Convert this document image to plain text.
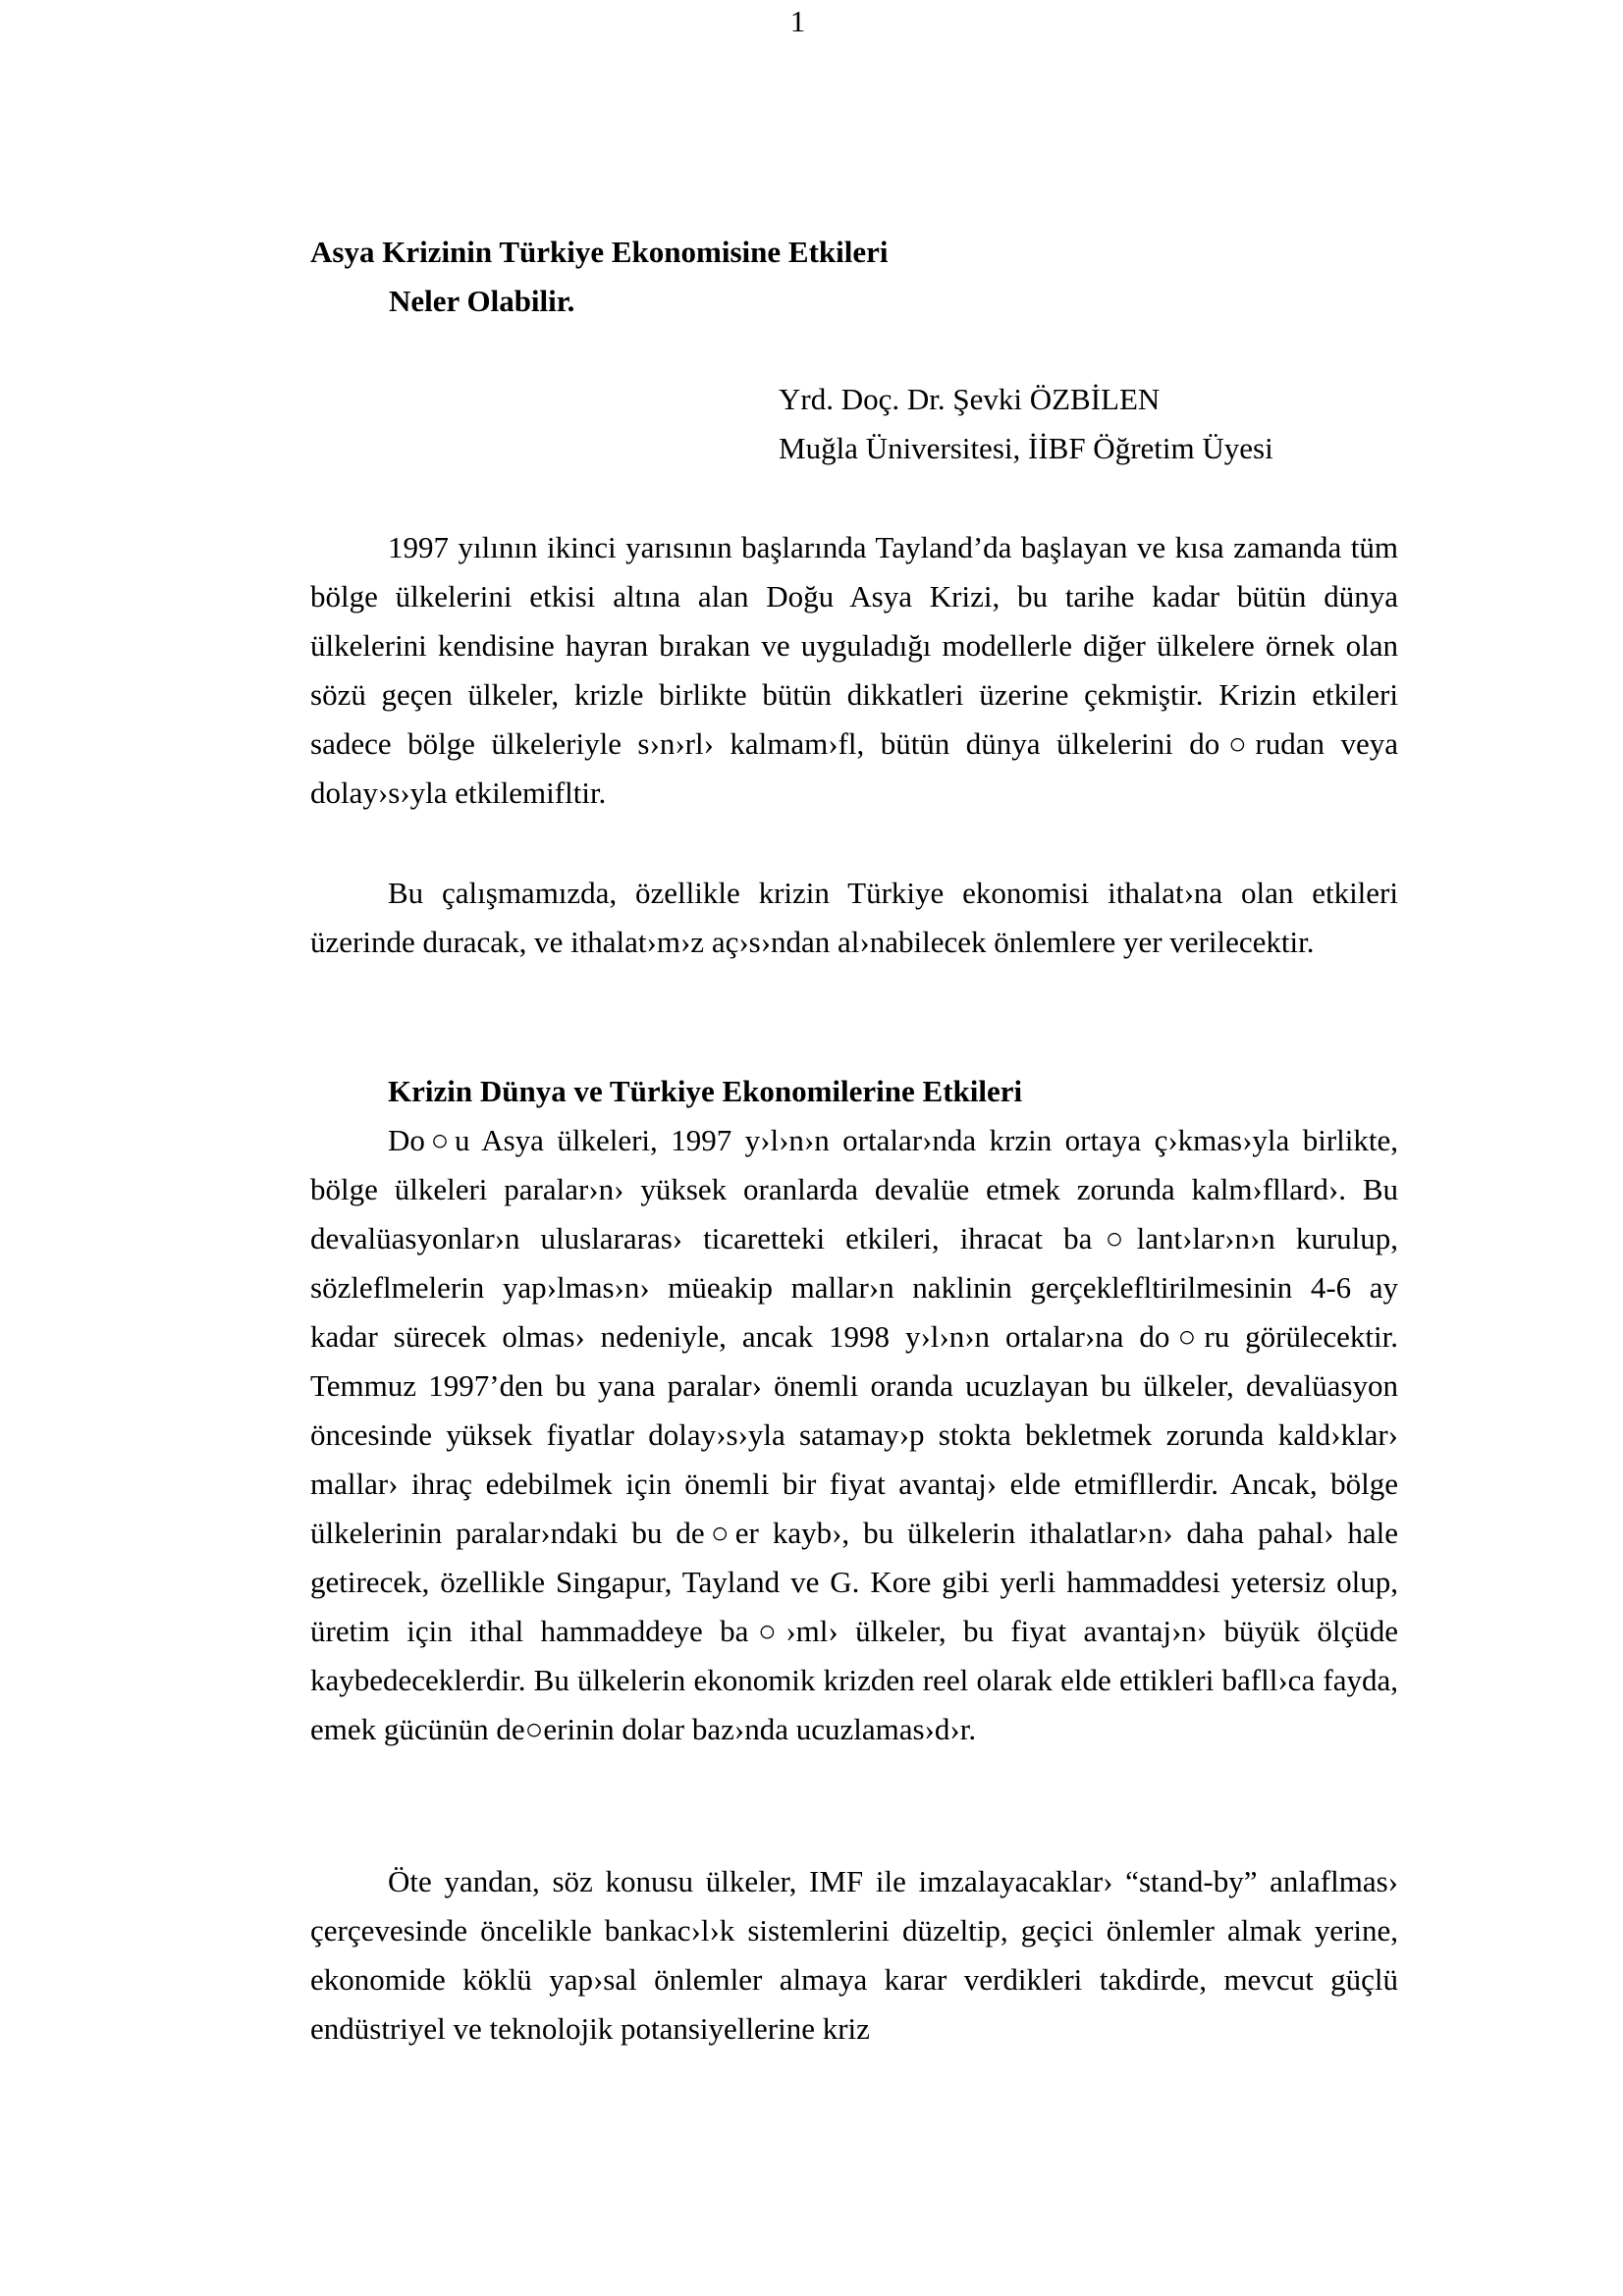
1
Asya Krizinin Türkiye Ekonomisine Etkileri
Neler Olabilir.
Yrd. Doç. Dr. Şevki ÖZBİLEN
Muğla Üniversitesi, İİBF Öğretim Üyesi

1997 yılının ikinci yarısının başlarında Tayland’da başlayan ve kısa zamanda tüm bölge ülkelerini etkisi altına alan Doğu Asya Krizi, bu tarihe kadar bütün dünya ülkelerini kendisine hayran bırakan ve uyguladığı modellerle diğer ülkelere örnek olan sözü geçen ülkeler, krizle birlikte bütün dikkatleri üzerine çekmiştir. Krizin etkileri sadece bölge ülkeleriyle s›n›rl› kalmam›fl, bütün dünya ülkelerini do○rudan veya dolay›s›yla etkilemifltir.

Bu çalışmamızda, özellikle krizin Türkiye ekonomisi ithalat›na olan etkileri üzerinde duracak, ve ithalat›m›z aç›s›ndan al›nabilecek önlemlere yer verilecektir.

Krizin Dünya ve Türkiye Ekonomilerine Etkileri

Do○u Asya ülkeleri, 1997 y›l›n›n ortalar›nda krzin ortaya ç›kmas›yla birlikte, bölge ülkeleri paralar›n› yüksek oranlarda devalüe etmek zorunda kalm›fllard›. Bu devalüasyonlar›n uluslararas› ticaretteki etkileri, ihracat ba○lant›lar›n›n kurulup, sözleflmelerin yap›lmas›n› müeakip mallar›n naklinin gerçeklefltirilmesinin 4-6 ay kadar sürecek olmas› nedeniyle, ancak 1998 y›l›n›n ortalar›na do○ru görülecektir. Temmuz 1997’den bu yana paralar› önemli oranda ucuzlayan bu ülkeler, devalüasyon öncesinde yüksek fiyatlar dolay›s›yla satamay›p stokta bekletmek zorunda kald›klar› mallar› ihraç edebilmek için önemli bir fiyat avantaj› elde etmifllerdir. Ancak, bölge ülkelerinin paralar›ndaki bu de○er kayb›, bu ülkelerin ithalatlar›n› daha pahal› hale getirecek, özellikle Singapur, Tayland ve G. Kore gibi yerli hammaddesi yetersiz olup, üretim için ithal hammaddeye ba○›ml› ülkeler, bu fiyat avantaj›n› büyük ölçüde kaybedeceklerdir. Bu ülkelerin ekonomik krizden reel olarak elde ettikleri bafll›ca fayda, emek gücünün de○erinin dolar baz›nda ucuzlamas›d›r.

Öte yandan, söz konusu ülkeler, IMF ile imzalayacaklar› “stand-by” anlaflmas› çerçevesinde öncelikle bankac›l›k sistemlerini düzeltip, geçici önlemler almak yerine, ekonomide köklü yap›sal önlemler almaya karar verdikleri takdirde, mevcut güçlü endüstriyel ve teknolojik potansiyellerine kriz
